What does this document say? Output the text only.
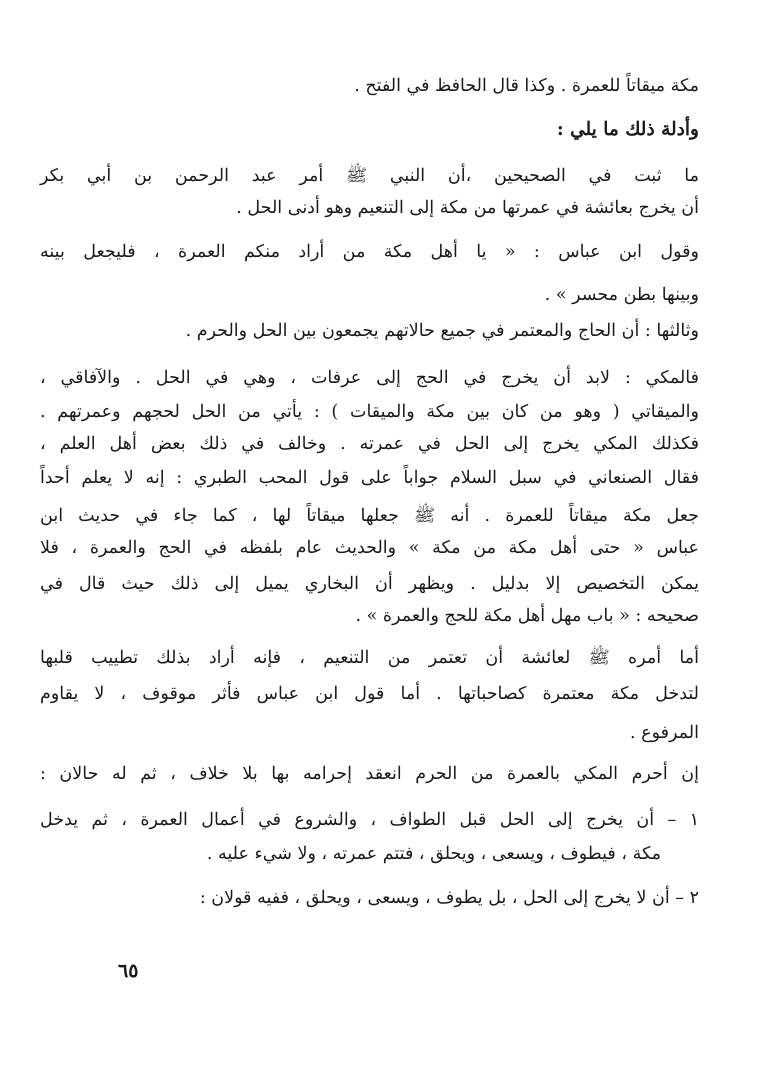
مكة ميقاتاً للعمرة . وكذا قال الحافظ في الفتح .
وأدلة ذلك ما يلي :
ما ثبت في الصحيحين ،أن النبي ﷺ أمر عبد الرحمن بن أبي بكر
أن يخرج بعائشة في عمرتها من مكة إلى التنعيم وهو أدنى الحل .
وقول ابن عباس : « يا أهل مكة من أراد منكم العمرة ، فليجعل بينه
وبينها بطن محسر » .
وثالثها : أن الحاج والمعتمر في جميع حالاتهم يجمعون بين الحل والحرم .
فالمكي : لابد أن يخرج في الحج إلى عرفات ، وهي في الحل . والآفاقي ،
والميقاتي ( وهو من كان بين مكة والميقات ) : يأتي من الحل لحجهم وعمرتهم .
فكذلك المكي يخرج إلى الحل في عمرته . وخالف في ذلك بعض أهل العلم ،
فقال الصنعاني في سبل السلام جواباً على قول المحب الطبري : إنه لا يعلم أحداً
جعل مكة ميقاتاً للعمرة . أنه ﷺ جعلها ميقاتاً لها ، كما جاء في حديث ابن
عباس « حتى أهل مكة من مكة » والحديث عام بلفظه في الحج والعمرة ، فلا
يمكن التخصيص إلا بدليل . ويظهر أن البخاري يميل إلى ذلك حيث قال في
صحيحه : « باب مهل أهل مكة للحج والعمرة » .
أما أمره ﷺ لعائشة أن تعتمر من التنعيم ، فإنه أراد بذلك تطييب قلبها
لتدخل مكة معتمرة كصاحباتها . أما قول ابن عباس فأثر موقوف ، لا يقاوم
المرفوع .
إن أحرم المكي بالعمرة من الحرم انعقد إحرامه بها بلا خلاف ، ثم له حالان :
١ – أن يخرج إلى الحل قبل الطواف ، والشروع في أعمال العمرة ، ثم يدخل
مكة ، فيطوف ، ويسعى ، ويحلق ، فتتم عمرته ، ولا شيء عليه .
٢ – أن لا يخرج إلى الحل ، بل يطوف ، ويسعى ، ويحلق ، ففيه قولان :
٦٥
